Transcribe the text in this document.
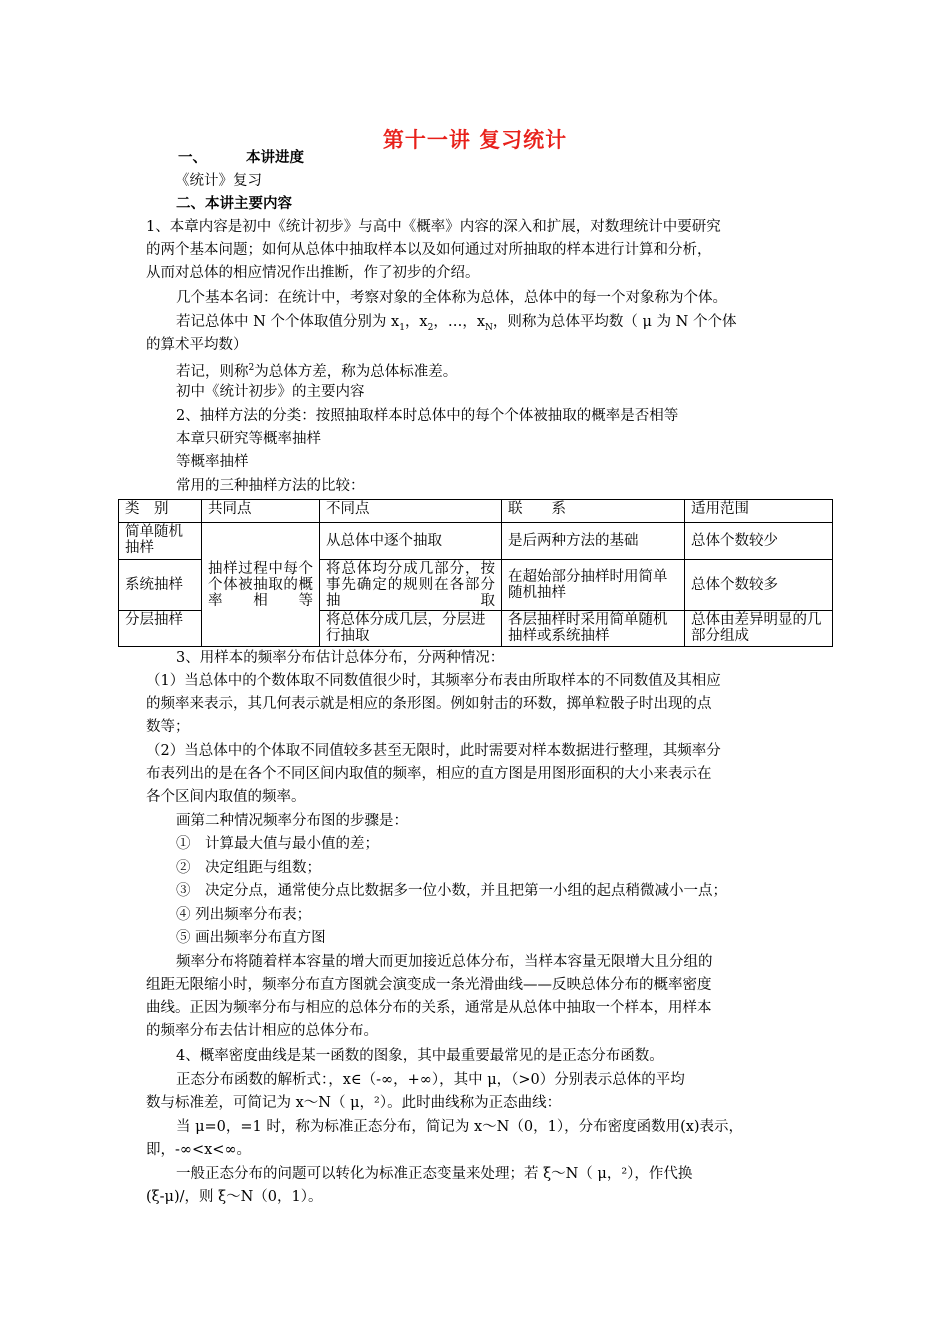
第十一讲 复习统计
一、	本讲进度
《统计》复习
二、本讲主要内容
1、本章内容是初中《统计初步》与高中《概率》内容的深入和扩展，对数理统计中要研究
的两个基本问题；如何从总体中抽取样本以及如何通过对所抽取的样本进行计算和分析，
从而对总体的相应情况作出推断，作了初步的介绍。
几个基本名词：在统计中，考察对象的全体称为总体，总体中的每一个对象称为个体。
若记总体中 N 个个体取值分别为 $x_1$，$x_2$，…，$x_N$，则称为总体平均数（ μ 为 N 个个体
的算术平均数）
若记，则称$^2$为总体方差，称为总体标准差。
初中《统计初步》的主要内容
2、抽样方法的分类：按照抽取样本时总体中的每个个体被抽取的概率是否相等
本章只研究等概率抽样
等概率抽样
常用的三种抽样方法的比较：
类　别	共同点	不同点	联　　系	适用范围
简单随机抽样	抽样过程中每个个体被抽取的概率相等	从总体中逐个抽取	是后两种方法的基础	总体个数较少
系统抽样		将总体均分成几部分，按事先确定的规则在各部分抽取	在超始部分抽样时用简单随机抽样	总体个数较多
分层抽样		将总体分成几层，分层进行抽取	各层抽样时采用简单随机抽样或系统抽样	总体由差异明显的几部分组成
3、用样本的频率分布估计总体分布，分两种情况：
（1）当总体中的个数体取不同数值很少时，其频率分布表由所取样本的不同数值及其相应
的频率来表示，其几何表示就是相应的条形图。例如射击的环数，掷单粒骰子时出现的点
数等；
（2）当总体中的个体取不同值较多甚至无限时，此时需要对样本数据进行整理，其频率分
布表列出的是在各个不同区间内取值的频率，相应的直方图是用图形面积的大小来表示在
各个区间内取值的频率。
画第二种情况频率分布图的步骤是：
①　计算最大值与最小值的差；
②　决定组距与组数；
③　决定分点，通常使分点比数据多一位小数，并且把第一小组的起点稍微减小一点；
④ 列出频率分布表；
⑤ 画出频率分布直方图
频率分布将随着样本容量的增大而更加接近总体分布，当样本容量无限增大且分组的
组距无限缩小时，频率分布直方图就会演变成一条光滑曲线——反映总体分布的概率密度
曲线。正因为频率分布与相应的总体分布的关系，通常是从总体中抽取一个样本，用样本
的频率分布去估计相应的总体分布。
4、概率密度曲线是某一函数的图象，其中最重要最常见的是正态分布函数。
正态分布函数的解析式：，x∈（-∞，+∞），其中 μ，（>0）分别表示总体的平均
数与标准差，可简记为 x～N（ μ，²）。此时曲线称为正态曲线：
当 μ=0，=1 时，称为标准正态分布，简记为 x～N（0，1），分布密度函数用(x)表示，
即，-∞<x<∞。
一般正态分布的问题可以转化为标准正态变量来处理；若 ξ～N（ μ，²），作代换
(ξ-μ)/，则 ξ～N（0，1）。
